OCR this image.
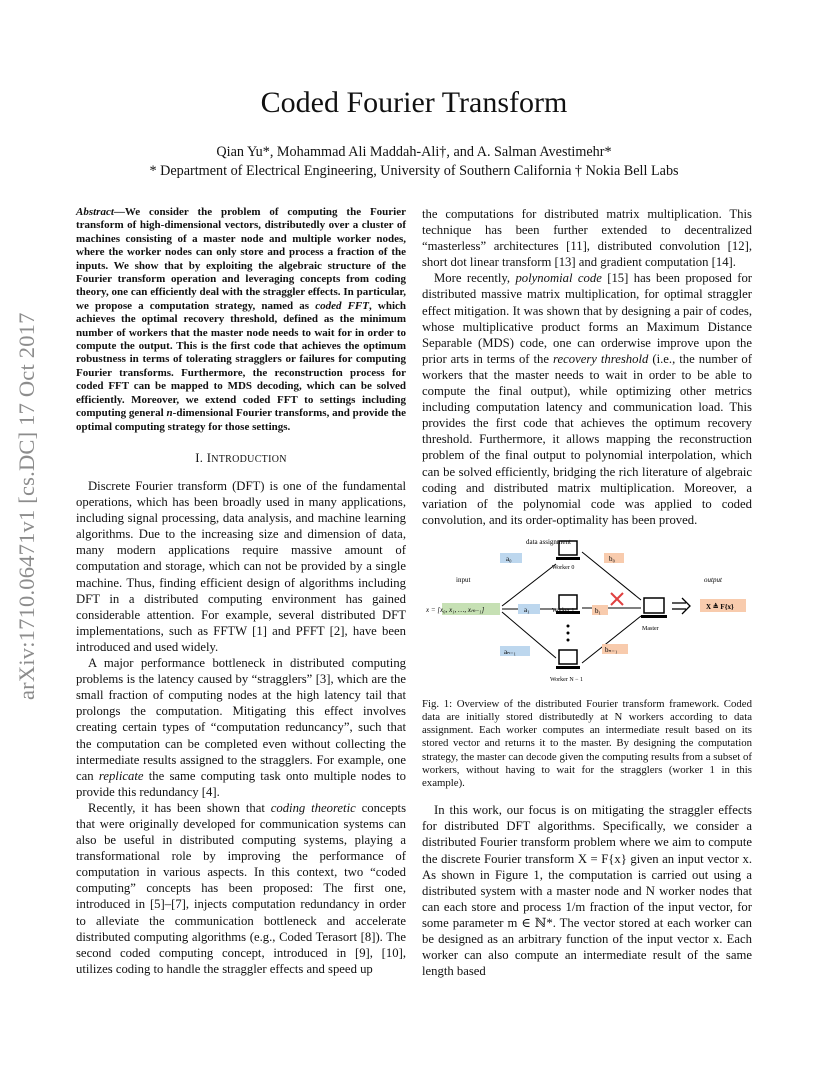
arXiv:1710.06471v1 [cs.DC] 17 Oct 2017
Coded Fourier Transform
Qian Yu*, Mohammad Ali Maddah-Ali†, and A. Salman Avestimehr*
* Department of Electrical Engineering, University of Southern California † Nokia Bell Labs
Abstract—We consider the problem of computing the Fourier transform of high-dimensional vectors, distributedly over a cluster of machines consisting of a master node and multiple worker nodes, where the worker nodes can only store and process a fraction of the inputs. We show that by exploiting the algebraic structure of the Fourier transform operation and leveraging concepts from coding theory, one can efficiently deal with the straggler effects. In particular, we propose a computation strategy, named as coded FFT, which achieves the optimal recovery threshold, defined as the minimum number of workers that the master node needs to wait for in order to compute the output. This is the first code that achieves the optimum robustness in terms of tolerating stragglers or failures for computing Fourier transforms. Furthermore, the reconstruction process for coded FFT can be mapped to MDS decoding, which can be solved efficiently. Moreover, we extend coded FFT to settings including computing general n-dimensional Fourier transforms, and provide the optimal computing strategy for those settings.
I. INTRODUCTION

Discrete Fourier transform (DFT) is one of the fundamental operations, which has been broadly used in many applications, including signal processing, data analysis, and machine learning algorithms. Due to the increasing size and dimension of data, many modern applications require massive amount of computation and storage, which can not be provided by a single machine. Thus, finding efficient design of algorithms including DFT in a distributed computing environment has gained considerable attention. For example, several distributed DFT implementations, such as FFTW [1] and PFFT [2], have been introduced and used widely.

A major performance bottleneck in distributed computing problems is the latency caused by “stragglers” [3], which are the small fraction of computing nodes at the high latency tail that prolongs the computation. Mitigating this effect involves creating certain types of “computation reduncancy”, such that the computation can be completed even without collecting the intermediate results assigned to the stragglers. For example, one can replicate the same computing task onto multiple nodes to provide this redundancy [4].

Recently, it has been shown that coding theoretic concepts that were originally developed for communication systems can also be useful in distributed computing systems, playing a transformational role by improving the performance of computation in various aspects. In this context, two “coded computing” concepts has been proposed: The first one, introduced in [5]–[7], injects computation redundancy in order to alleviate the communication bottleneck and accelerate distributed computing algorithms (e.g., Coded Terasort [8]). The second coded computing concept, introduced in [9], [10], utilizes coding to handle the straggler effects and speed up

the computations for distributed matrix multiplication. This technique has been further extended to decentralized “masterless” architectures [11], distributed convolution [12], short dot linear transform [13] and gradient computation [14].

More recently, polynomial code [15] has been proposed for distributed massive matrix multiplication, for optimal straggler effect mitigation. It was shown that by designing a pair of codes, whose multiplicative product forms an Maximum Distance Separable (MDS) code, one can orderwise improve upon the prior arts in terms of the recovery threshold (i.e., the number of workers that the master needs to wait in order to be able to compute the final output), while optimizing other metrics including computation latency and communication load. This provides the first code that achieves the optimum recovery threshold. Furthermore, it allows mapping the reconstruction problem of the final output to polynomial interpolation, which can be solved efficiently, bridging the rich literature of algebraic coding and distributed matrix multiplication. Moreover, a variation of the polynomial code was applied to coded convolution, and its order-optimality has been proved.

data assignment
input	output
x = [x₀, x₁, …, xₘ₋₁]
a₀
a₁
aₙ₋₁
Worker 0
Worker 1
Worker N − 1
b₀
b₁
bₙ₋₁
Master
X ≜ F{x}
Fig. 1: Overview of the distributed Fourier transform framework. Coded data are initially stored distributedly at N workers according to data assignment. Each worker computes an intermediate result based on its stored vector and returns it to the master. By designing the computation strategy, the master can decode given the computing results from a subset of workers, without having to wait for the stragglers (worker 1 in this example).

In this work, our focus is on mitigating the straggler effects for distributed DFT algorithms. Specifically, we consider a distributed Fourier transform problem where we aim to compute the discrete Fourier transform X = F{x} given an input vector x. As shown in Figure 1, the computation is carried out using a distributed system with a master node and N worker nodes that can each store and process 1/m fraction of the input vector, for some parameter m ∈ ℕ*. The vector stored at each worker can be designed as an arbitrary function of the input vector x. Each worker can also compute an intermediate result of the same length based
